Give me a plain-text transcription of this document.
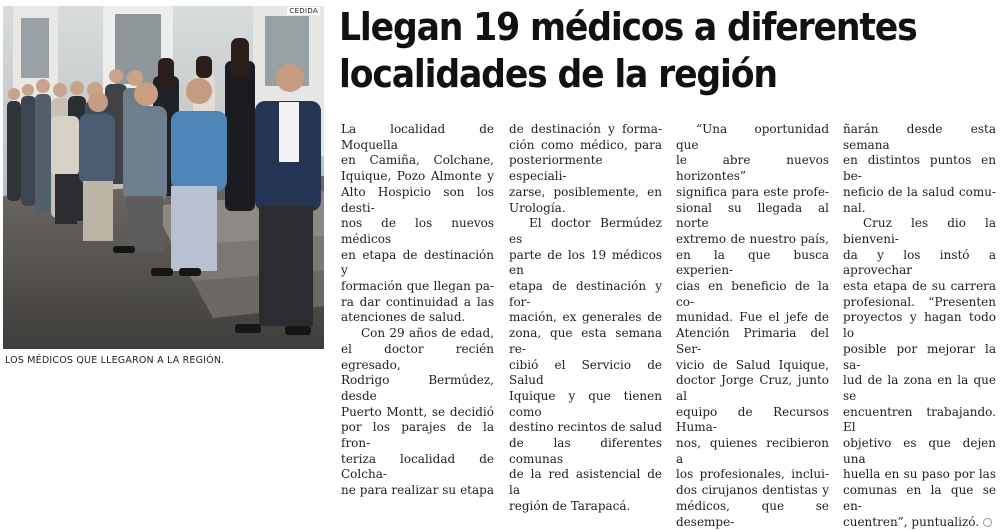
CEDIDA
LOS MÉDICOS QUE LLEGARON A LA REGIÓN.
Llegan 19 médicos a diferentes
localidades de la región
La localidad de Moquella
en Camiña, Colchane,
Iquique, Pozo Almonte y
Alto Hospicio son los desti-
nos de los nuevos médicos
en etapa de destinación y
formación que llegan pa-
ra dar continuidad a las
atenciones de salud.
Con 29 años de edad,
el doctor recién egresado,
Rodrigo Bermúdez, desde
Puerto Montt, se decidió
por los parajes de la fron-
teriza localidad de Colcha-
ne para realizar su etapa
de destinación y forma-
ción como médico, para
posteriormente especiali-
zarse, posiblemente, en
Urología.
El doctor Bermúdez es
parte de los 19 médicos en
etapa de destinación y for-
mación, ex generales de
zona, que esta semana re-
cibió el Servicio de Salud
Iquique y que tienen como
destino recintos de salud
de las diferentes comunas
de la red asistencial de la
región de Tarapacá.
“Una oportunidad que
le abre nuevos horizontes”
significa para este profe-
sional su llegada al norte
extremo de nuestro país,
en la que busca experien-
cias en beneficio de la co-
munidad. Fue el jefe de
Atención Primaria del Ser-
vicio de Salud Iquique,
doctor Jorge Cruz, junto al
equipo de Recursos Huma-
nos, quienes recibieron a
los profesionales, inclui-
dos cirujanos dentistas y
médicos, que se desempe-
ñarán desde esta semana
en distintos puntos en be-
neficio de la salud comu-
nal.
Cruz les dio la bienveni-
da y los instó a aprovechar
esta etapa de su carrera
profesional. “Presenten
proyectos y hagan todo lo
posible por mejorar la sa-
lud de la zona en la que se
encuentren trabajando. El
objetivo es que dejen una
huella en su paso por las
comunas en la que se en-
cuentren”, puntualizó.
